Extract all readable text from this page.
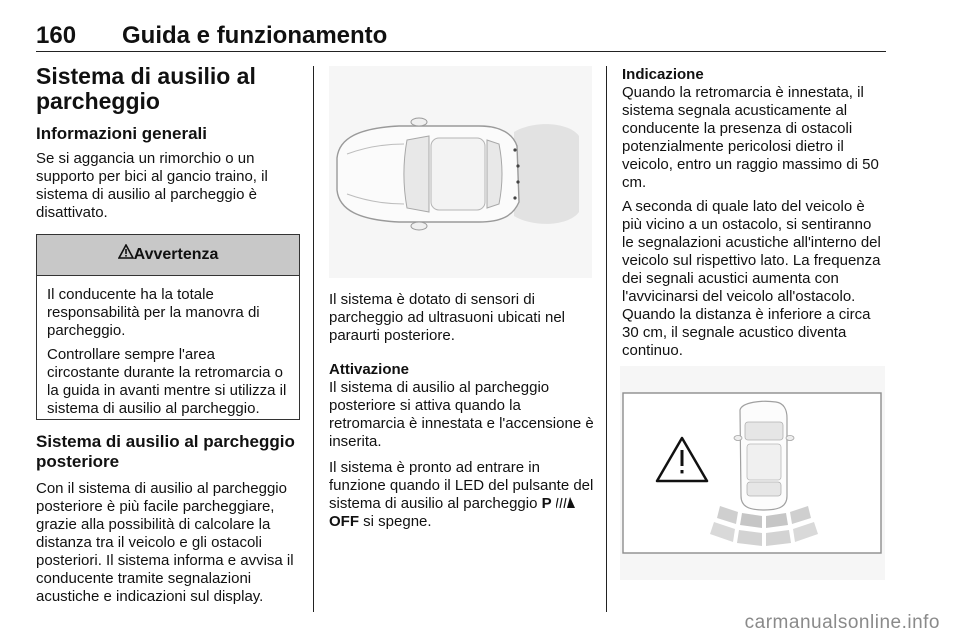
160 Guida e funzionamento
Sistema di ausilio al parcheggio
Informazioni generali

Se si aggancia un rimorchio o un supporto per bici al gancio traino, il sistema di ausilio al parcheggio è disattivato.

Avvertenza

Il conducente ha la totale responsabilità per la manovra di parcheggio.

Controllare sempre l'area circostante durante la retromarcia o la guida in avanti mentre si utilizza il sistema di ausilio al parcheggio.

Sistema di ausilio al parcheggio posteriore

Con il sistema di ausilio al parcheggio posteriore è più facile parcheggiare, grazie alla possibilità di calcolare la distanza tra il veicolo e gli ostacoli posteriori. Il sistema informa e avvisa il conducente tramite segnalazioni acustiche e indicazioni sul display.

Il sistema è dotato di sensori di parcheggio ad ultrasuoni ubicati nel paraurti posteriore.

Attivazione

Il sistema di ausilio al parcheggio posteriore si attiva quando la retromarcia è innestata e l'accensione è inserita.

Il sistema è pronto ad entrare in funzione quando il LED del pulsante del sistema di ausilio al parcheggio P  OFF si spegne.

Indicazione

Quando la retromarcia è innestata, il sistema segnala acusticamente al conducente la presenza di ostacoli potenzialmente pericolosi dietro il veicolo, entro un raggio massimo di 50 cm.

A seconda di quale lato del veicolo è più vicino a un ostacolo, si sentiranno le segnalazioni acustiche all'interno del veicolo sul rispettivo lato. La frequenza dei segnali acustici aumenta con l'avvicinarsi del veicolo all'ostacolo. Quando la distanza è inferiore a circa 30 cm, il segnale acustico diventa continuo.

carmanualsonline.info
